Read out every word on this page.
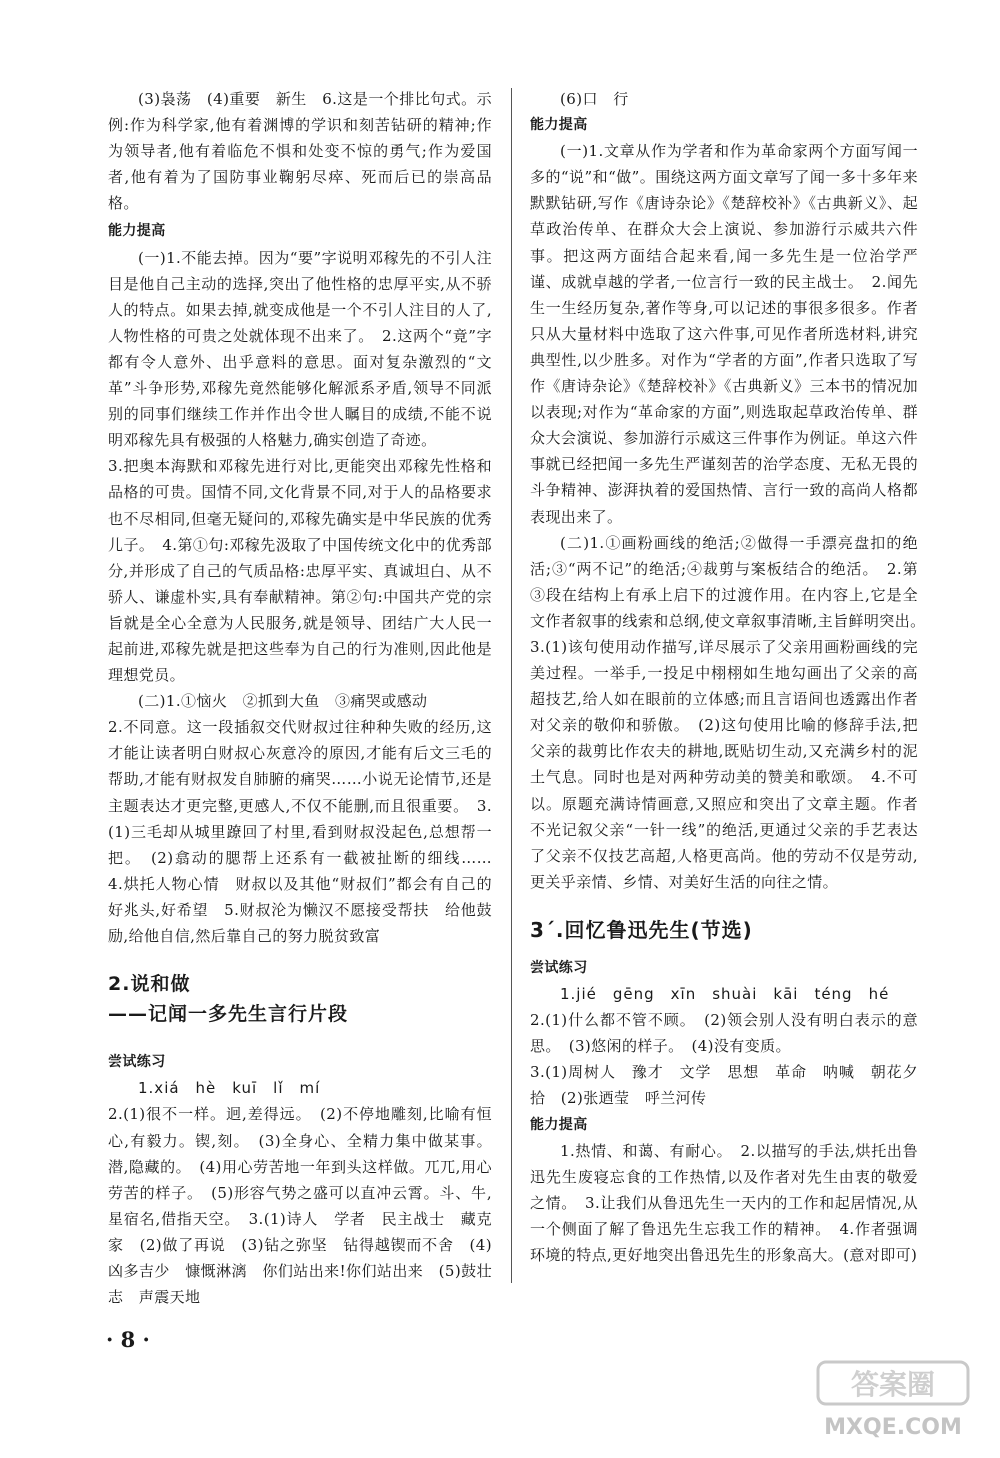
(3)袅荡　(4)重要　新生　6.这是一个排比句式。示例:作为科学家,他有着渊博的学识和刻苦钻研的精神;作为领导者,他有着临危不惧和处变不惊的勇气;作为爱国者,他有着为了国防事业鞠躬尽瘁、死而后已的崇高品格。

能力提高

(一)1.不能去掉。因为“要”字说明邓稼先的不引人注目是他自己主动的选择,突出了他性格的忠厚平实,从不骄人的特点。如果去掉,就变成他是一个不引人注目的人了,人物性格的可贵之处就体现不出来了。　2.这两个“竟”字都有令人意外、出乎意料的意思。面对复杂激烈的“文革”斗争形势,邓稼先竟然能够化解派系矛盾,领导不同派别的同事们继续工作并作出令世人瞩目的成绩,不能不说明邓稼先具有极强的人格魅力,确实创造了奇迹。

3.把奥本海默和邓稼先进行对比,更能突出邓稼先性格和品格的可贵。国情不同,文化背景不同,对于人的品格要求也不尽相同,但毫无疑问的,邓稼先确实是中华民族的优秀儿子。　4.第①句:邓稼先汲取了中国传统文化中的优秀部分,并形成了自己的气质品格:忠厚平实、真诚坦白、从不骄人、谦虚朴实,具有奉献精神。第②句:中国共产党的宗旨就是全心全意为人民服务,就是领导、团结广大人民一起前进,邓稼先就是把这些奉为自己的行为准则,因此他是理想党员。

(二)1.①恼火　②抓到大鱼　③痛哭或感动

2.不同意。这一段插叙交代财叔过往种种失败的经历,这才能让读者明白财叔心灰意冷的原因,才能有后文三毛的帮助,才能有财叔发自肺腑的痛哭……小说无论情节,还是主题表达才更完整,更感人,不仅不能删,而且很重要。　3.(1)三毛却从城里蹽回了村里,看到财叔没起色,总想帮一把。　(2)翕动的腮帮上还系有一截被扯断的细线……　4.烘托人物心情　财叔以及其他“财叔们”都会有自己的好兆头,好希望　5.财叔沦为懒汉不愿接受帮扶　给他鼓励,给他自信,然后靠自己的努力脱贫致富

2.说和做

——记闻一多先生言行片段

尝试练习

1.xiá　hè　kuī　lǐ　mí

2.(1)很不一样。迥,差得远。　(2)不停地雕刻,比喻有恒心,有毅力。锲,刻。　(3)全身心、全精力集中做某事。潜,隐藏的。　(4)用心劳苦地一年到头这样做。兀兀,用心劳苦的样子。　(5)形容气势之盛可以直冲云霄。斗、牛,星宿名,借指天空。　3.(1)诗人　学者　民主战士　藏克家　(2)做了再说　(3)钻之弥坚　钻得越锲而不舍　(4)凶多吉少　慷慨淋漓　你们站出来!你们站出来　(5)鼓壮志　声震天地

(6)口　行

能力提高

(一)1.文章从作为学者和作为革命家两个方面写闻一多的“说”和“做”。围绕这两方面文章写了闻一多十多年来默默钻研,写作《唐诗杂论》《楚辞校补》《古典新义》、起草政治传单、在群众大会上演说、参加游行示威共六件事。把这两方面结合起来看,闻一多先生是一位治学严谨、成就卓越的学者,一位言行一致的民主战士。　2.闻先生一生经历复杂,著作等身,可以记述的事很多很多。作者只从大量材料中选取了这六件事,可见作者所选材料,讲究典型性,以少胜多。对作为“学者的方面”,作者只选取了写作《唐诗杂论》《楚辞校补》《古典新义》三本书的情况加以表现;对作为“革命家的方面”,则选取起草政治传单、群众大会演说、参加游行示威这三件事作为例证。单这六件事就已经把闻一多先生严谨刻苦的治学态度、无私无畏的斗争精神、澎湃执着的爱国热情、言行一致的高尚人格都表现出来了。

(二)1.①画粉画线的绝活;②做得一手漂亮盘扣的绝活;③“两不记”的绝活;④裁剪与案板结合的绝活。　2.第③段在结构上有承上启下的过渡作用。在内容上,它是全文作者叙事的线索和总纲,使文章叙事清晰,主旨鲜明突出。　3.(1)该句使用动作描写,详尽展示了父亲用画粉画线的完美过程。一举手,一投足中栩栩如生地勾画出了父亲的高超技艺,给人如在眼前的立体感;而且言语间也透露出作者对父亲的敬仰和骄傲。　(2)这句使用比喻的修辞手法,把父亲的裁剪比作农夫的耕地,既贴切生动,又充满乡村的泥土气息。同时也是对两种劳动美的赞美和歌颂。　4.不可以。原题充满诗情画意,又照应和突出了文章主题。作者不光记叙父亲“一针一线”的绝活,更通过父亲的手艺表达了父亲不仅技艺高超,人格更高尚。他的劳动不仅是劳动,更关乎亲情、乡情、对美好生活的向往之情。

3ˊ.回忆鲁迅先生(节选)

尝试练习

1.jié　gēng　xīn　shuài　kāi　téng　hé

2.(1)什么都不管不顾。　(2)领会别人没有明白表示的意思。　(3)悠闲的样子。　(4)没有变质。

3.(1)周树人　豫才　文学　思想　革命　呐喊　朝花夕拾　(2)张迺莹　呼兰河传

能力提高

1.热情、和蔼、有耐心。　2.以描写的手法,烘托出鲁迅先生废寝忘食的工作热情,以及作者对先生由衷的敬爱之情。　3.让我们从鲁迅先生一天内的工作和起居情况,从一个侧面了解了鲁迅先生忘我工作的精神。　4.作者强调环境的特点,更好地突出鲁迅先生的形象高大。(意对即可)

· 8 ·
答案圈
MXQE.COM
